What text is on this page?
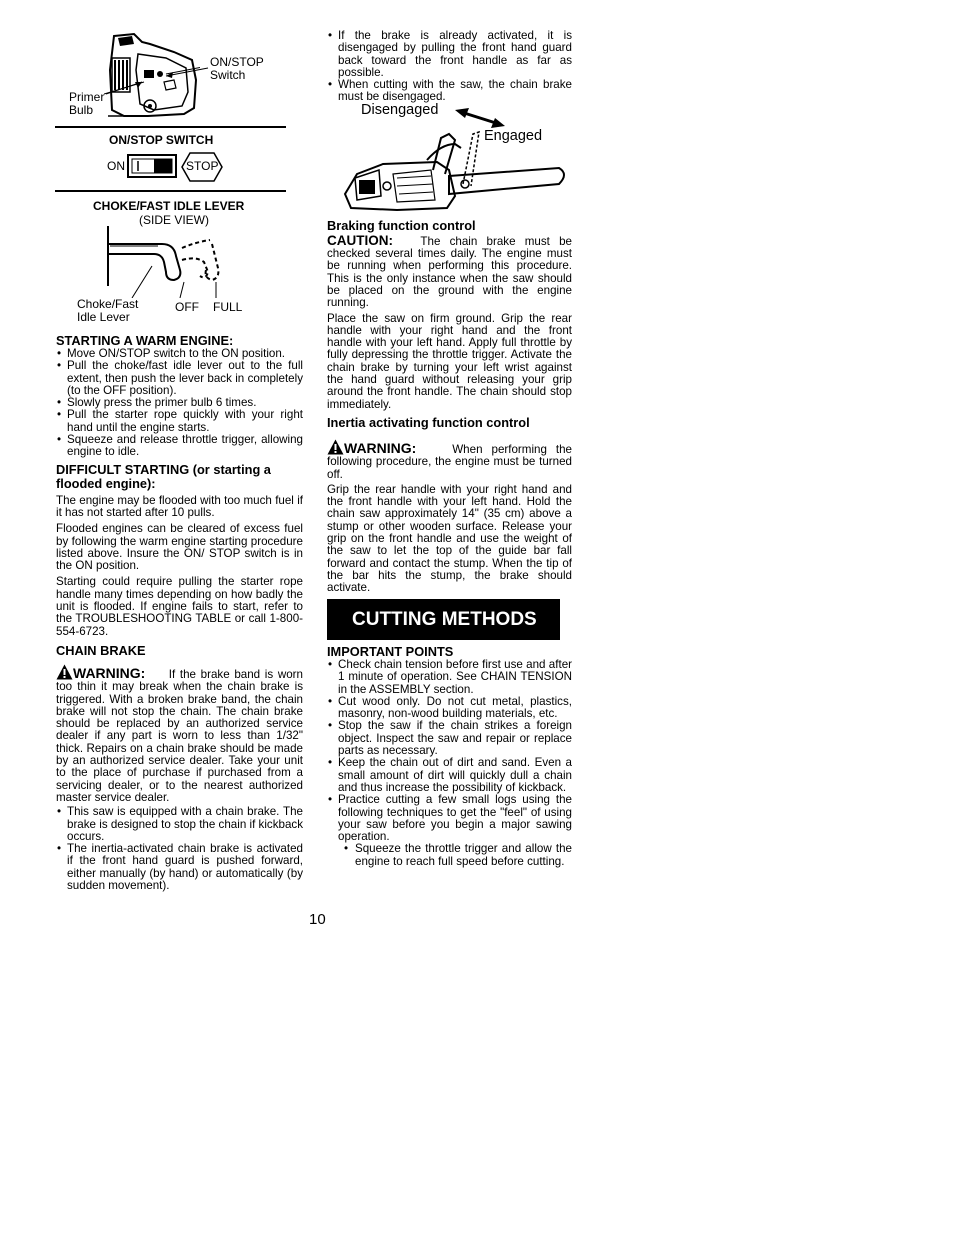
ON/STOP
Switch
Primer
Bulb
ON/STOP SWITCH
ON	STOP
CHOKE/FAST IDLE LEVER
(SIDE VIEW)
Choke/Fast
Idle Lever
OFF FULL
STARTING A WARM ENGINE:
• Move ON/STOP switch to the ON position.
• Pull the choke/fast idle lever out to the full extent, then push the lever back in completely (to the OFF position).
• Slowly press the primer bulb 6 times.
• Pull the starter rope quickly with your right hand until the engine starts.
• Squeeze and release throttle trigger, allowing engine to idle.
DIFFICULT STARTING (or starting a flooded engine):

The engine may be flooded with too much fuel if it has not started after 10 pulls.

Flooded engines can be cleared of excess fuel by following the warm engine starting procedure listed above. Insure the ON/ STOP switch is in the ON position.

Starting could require pulling the starter rope handle many times depending on how badly the unit is flooded. If engine fails to start, refer to the TROUBLESHOOTING TABLE or call 1-800-554-6723.

CHAIN BRAKE

WARNING: If the brake band is worn too thin it may break when the chain brake is triggered. With a broken brake band, the chain brake will not stop the chain. The chain brake should be replaced by an authorized service dealer if any part is worn to less than 1/32" thick. Repairs on a chain brake should be made by an authorized service dealer. Take your unit to the place of purchase if purchased from a servicing dealer, or to the nearest authorized master service dealer.

• This saw is equipped with a chain brake. The brake is designed to stop the chain if kickback occurs.
• The inertia-activated chain brake is activated if the front hand guard is pushed forward, either manually (by hand) or automatically (by sudden movement).
• If the brake is already activated, it is disengaged by pulling the front hand guard back toward the front handle as far as possible.
• When cutting with the saw, the chain brake must be disengaged.
Disengaged
Engaged
Braking function control

CAUTION: The chain brake must be checked several times daily. The engine must be running when performing this procedure. This is the only instance when the saw should be placed on the ground with the engine running.

Place the saw on firm ground. Grip the rear handle with your right hand and the front handle with your left hand. Apply full throttle by fully depressing the throttle trigger. Activate the chain brake by turning your left wrist against the hand guard without releasing your grip around the front handle. The chain should stop immediately.

Inertia activating function control

WARNING:	When performing the following procedure, the engine must be turned off.

Grip the rear handle with your right hand and the front handle with your left hand. Hold the chain saw approximately 14" (35 cm) above a stump or other wooden surface. Release your grip on the front handle and use the weight of the saw to let the top of the guide bar fall forward and contact the stump. When the tip of the bar hits the stump, the brake should activate.

CUTTING METHODS
IMPORTANT POINTS
• Check chain tension before first use and after 1 minute of operation. See CHAIN TENSION in the ASSEMBLY section.
• Cut wood only. Do not cut metal, plastics, masonry, non-wood building materials, etc.
• Stop the saw if the chain strikes a foreign object. Inspect the saw and repair or replace parts as necessary.
• Keep the chain out of dirt and sand. Even a small amount of dirt will quickly dull a chain and thus increase the possibility of kickback.
• Practice cutting a few small logs using the following techniques to get the "feel" of using your saw before you begin a major sawing operation.
• Squeeze the throttle trigger and allow the engine to reach full speed before cutting.
10
